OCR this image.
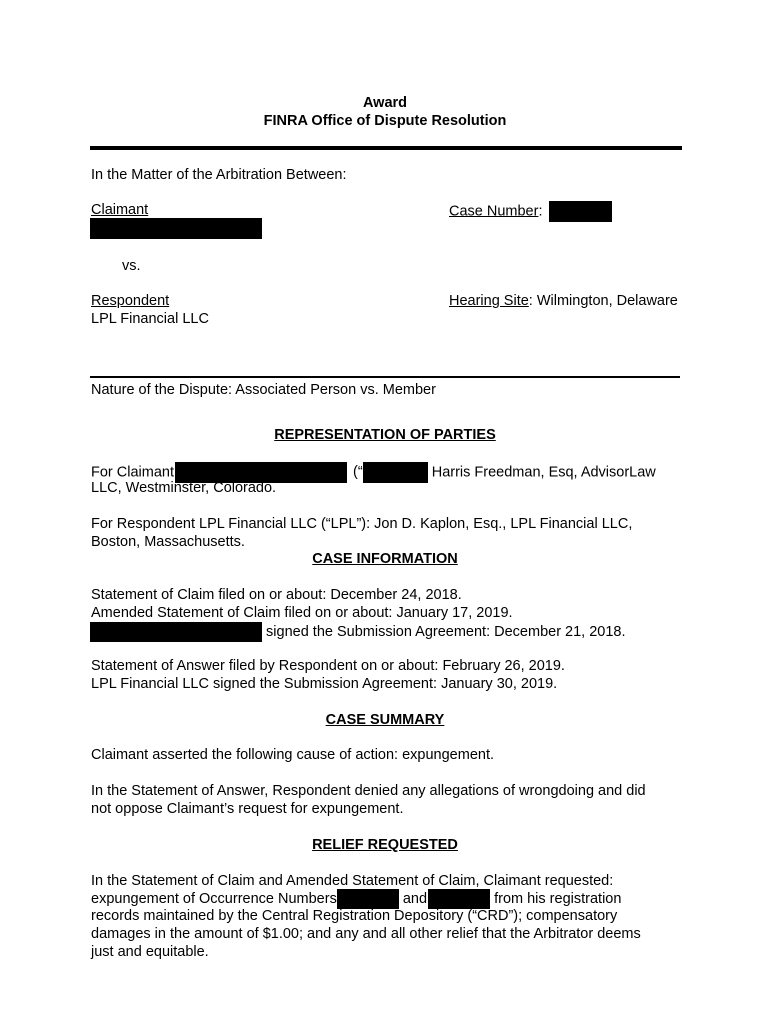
Award
FINRA Office of Dispute Resolution
In the Matter of the Arbitration Between:
Claimant	Case Number:
vs.
Respondent
LPL Financial LLC
Hearing Site: Wilmington, Delaware
Nature of the Dispute: Associated Person vs. Member
REPRESENTATION OF PARTIES
For Claimant	(“	Harris Freedman, Esq, AdvisorLaw
LLC, Westminster, Colorado.
For Respondent LPL Financial LLC (“LPL”): Jon D. Kaplon, Esq., LPL Financial LLC,
Boston, Massachusetts.
CASE INFORMATION
Statement of Claim filed on or about: December 24, 2018.
Amended Statement of Claim filed on or about: January 17, 2019.
signed the Submission Agreement: December 21, 2018.
Statement of Answer filed by Respondent on or about: February 26, 2019.
LPL Financial LLC signed the Submission Agreement: January 30, 2019.
CASE SUMMARY
Claimant asserted the following cause of action: expungement.
In the Statement of Answer, Respondent denied any allegations of wrongdoing and did
not oppose Claimant’s request for expungement.
RELIEF REQUESTED
In the Statement of Claim and Amended Statement of Claim, Claimant requested:
expungement of Occurrence Numbers	and	from his registration
records maintained by the Central Registration Depository (“CRD”); compensatory
damages in the amount of $1.00; and any and all other relief that the Arbitrator deems
just and equitable.
